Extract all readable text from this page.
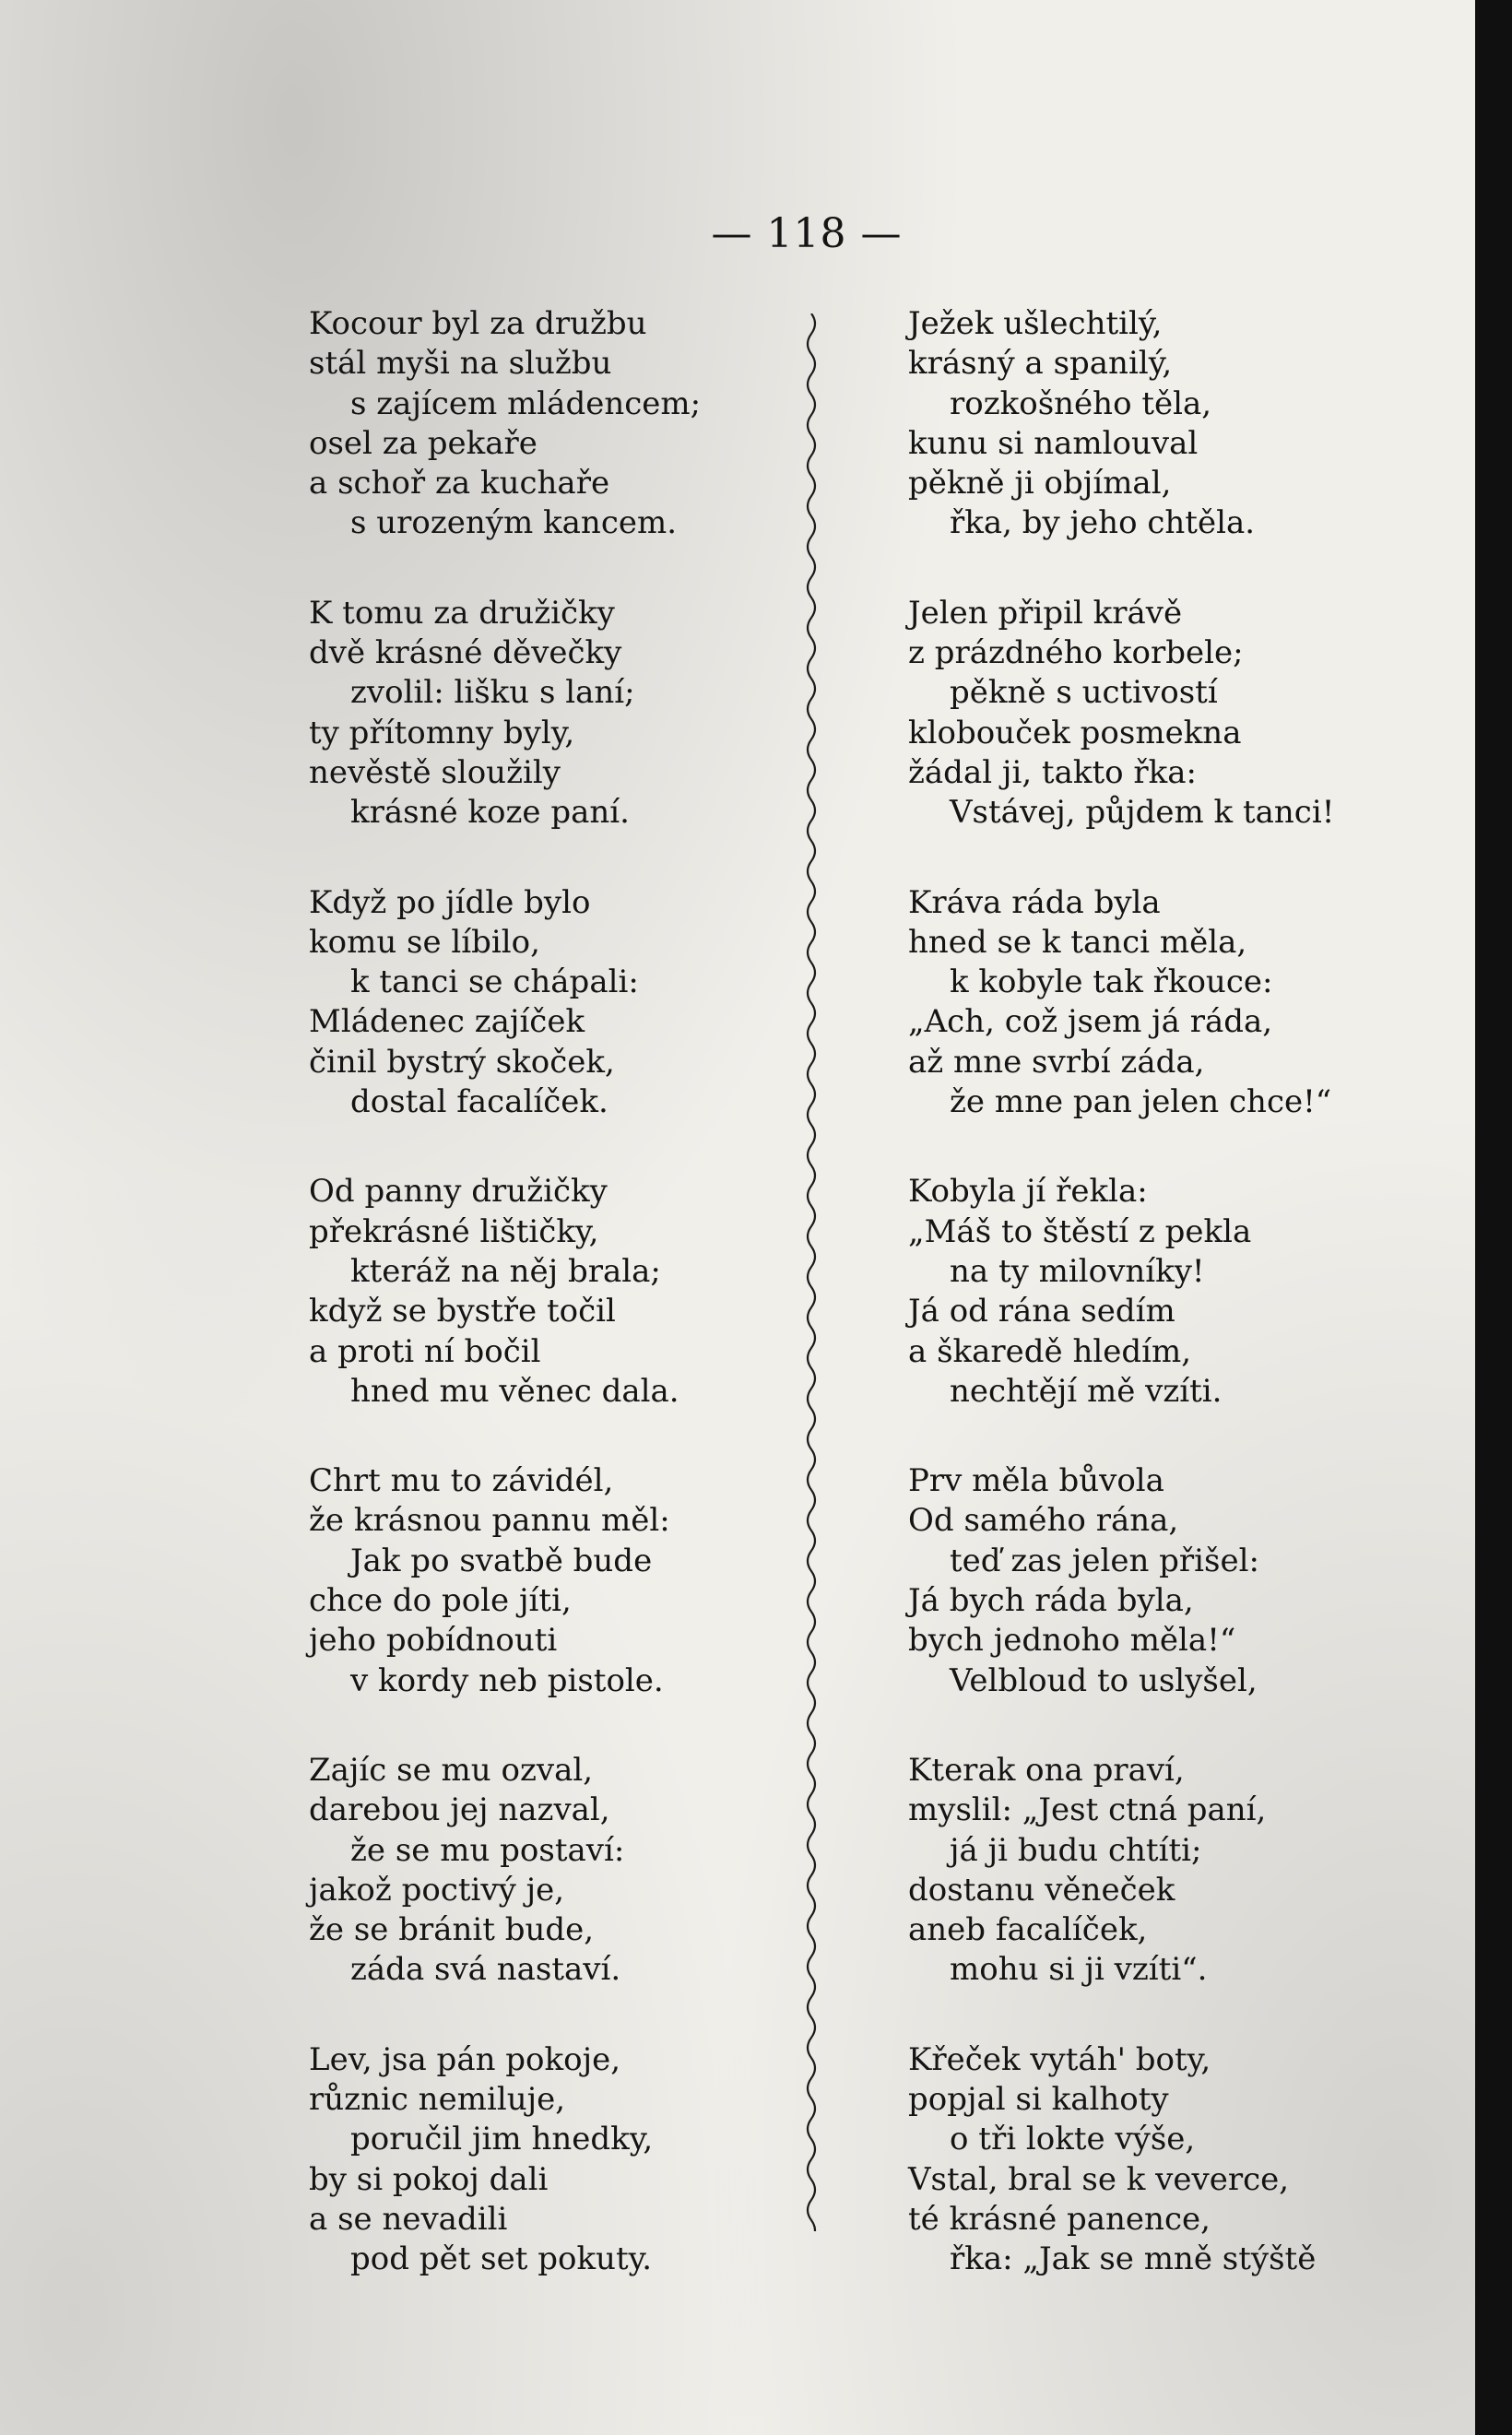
— 118 —
Kocour byl za družbu
stál myši na službu
s zajícem mládencem;
osel za pekaře
a schoř za kuchaře
s urozeným kancem.
K tomu za družičky
dvě krásné děvečky
zvolil: lišku s laní;
ty přítomny byly,
nevěstě sloužily
krásné koze paní.
Když po jídle bylo
komu se líbilo,
k tanci se chápali:
Mládenec zajíček
činil bystrý skoček,
dostal facalíček.
Od panny družičky
překrásné lištičky,
kteráž na něj brala;
když se bystře točil
a proti ní bočil
hned mu věnec dala.
Chrt mu to závidél,
že krásnou pannu měl:
Jak po svatbě bude
chce do pole jíti,
jeho pobídnouti
v kordy neb pistole.
Zajíc se mu ozval,
darebou jej nazval,
že se mu postaví:
jakož poctivý je,
že se bránit bude,
záda svá nastaví.
Lev, jsa pán pokoje,
různic nemiluje,
poručil jim hnedky,
by si pokoj dali
a se nevadili
pod pět set pokuty.
Ježek ušlechtilý,
krásný a spanilý,
rozkošného těla,
kunu si namlouval
pěkně ji objímal,
řka, by jeho chtěla.
Jelen připil krávě
z prázdného korbele;
pěkně s uctivostí
klobouček posmekna
žádal ji, takto řka:
Vstávej, půjdem k tanci!
Kráva ráda byla
hned se k tanci měla,
k kobyle tak řkouce:
„Ach, což jsem já ráda,
až mne svrbí záda,
že mne pan jelen chce!“
Kobyla jí řekla:
„Máš to štěstí z pekla
na ty milovníky!
Já od rána sedím
a škaredě hledím,
nechtějí mě vzíti.
Prv měla bůvola
Od samého rána,
teď zas jelen přišel:
Já bych ráda byla,
bych jednoho měla!“
Velbloud to uslyšel,
Kterak ona praví,
myslil: „Jest ctná paní,
já ji budu chtíti;
dostanu věneček
aneb facalíček,
mohu si ji vzíti“.
Křeček vytáh' boty,
popjal si kalhoty
o tři lokte výše,
Vstal, bral se k veverce,
té krásné panence,
řka: „Jak se mně stýště
